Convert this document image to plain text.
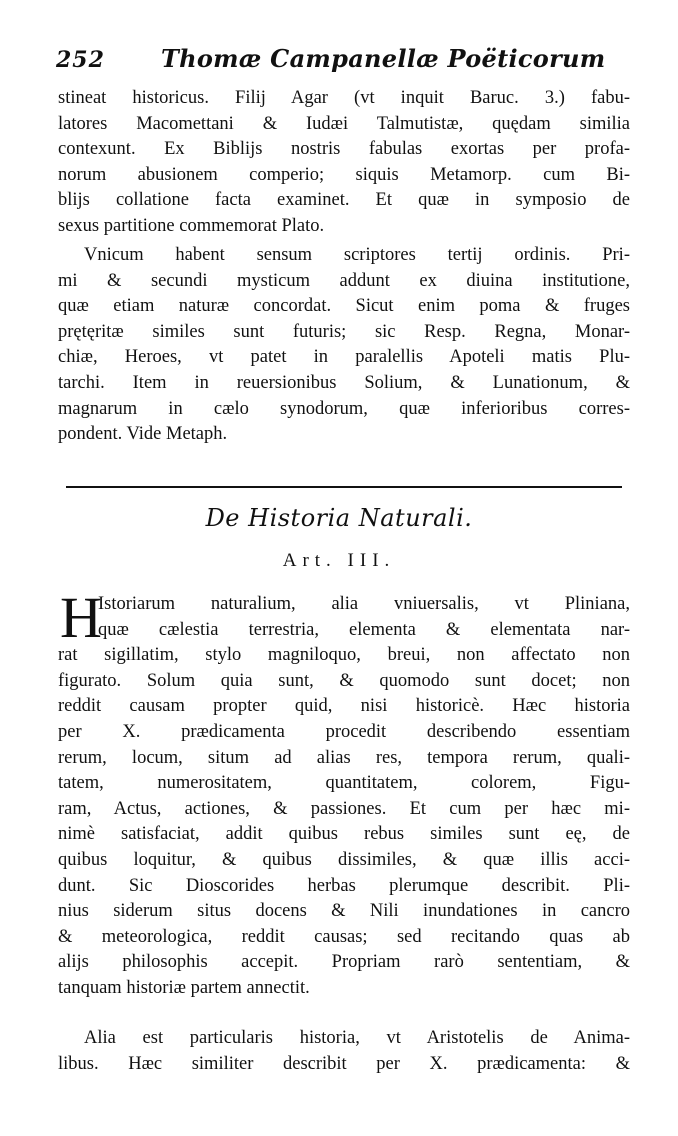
252 Thomæ Campanellæ Poëticorum
stineat historicus. Filij Agar (vt inquit Baruc. 3.) fabu-
latores Macomettani & Iudæi Talmutistæ, quędam similia
contexunt. Ex Biblijs nostris fabulas exortas per profa-
norum abusionem comperio; siquis Metamorp. cum Bi-
blijs collatione facta examinet. Et quæ in symposio de
sexus partitione commemorat Plato.
Vnicum habent sensum scriptores tertij ordinis. Pri-
mi & secundi mysticum addunt ex diuina institutione,
quæ etiam naturæ concordat. Sicut enim poma & fruges
prętęritæ similes sunt futuris; sic Resp. Regna, Monar-
chiæ, Heroes, vt patet in paralellis Apoteli matis Plu-
tarchi. Item in reuersionibus Solium, & Lunationum, &
magnarum in cælo synodorum, quæ inferioribus corres-
pondent. Vide Metaph.
De Historia Naturali.
Art. III.
H
Istoriarum naturalium, alia vniuersalis, vt Pliniana,
quæ cælestia terrestria, elementa & elementata nar-
rat sigillatim, stylo magniloquo, breui, non affectato non
figurato. Solum quia sunt, & quomodo sunt docet; non
reddit causam propter quid, nisi historicè. Hæc historia
per X. prædicamenta procedit describendo essentiam
rerum, locum, situm ad alias res, tempora rerum, quali-
tatem, numerositatem, quantitatem, colorem, Figu-
ram, Actus, actiones, & passiones. Et cum per hæc mi-
nimè satisfaciat, addit quibus rebus similes sunt eę, de
quibus loquitur, & quibus dissimiles, & quæ illis acci-
dunt. Sic Dioscorides herbas plerumque describit. Pli-
nius siderum situs docens & Nili inundationes in cancro
& meteorologica, reddit causas; sed recitando quas ab
alijs philosophis accepit. Propriam rarò sententiam, &
tanquam historiæ partem annectit.
Alia est particularis historia, vt Aristotelis de Anima-
libus. Hæc similiter describit per X. prædicamenta: &
